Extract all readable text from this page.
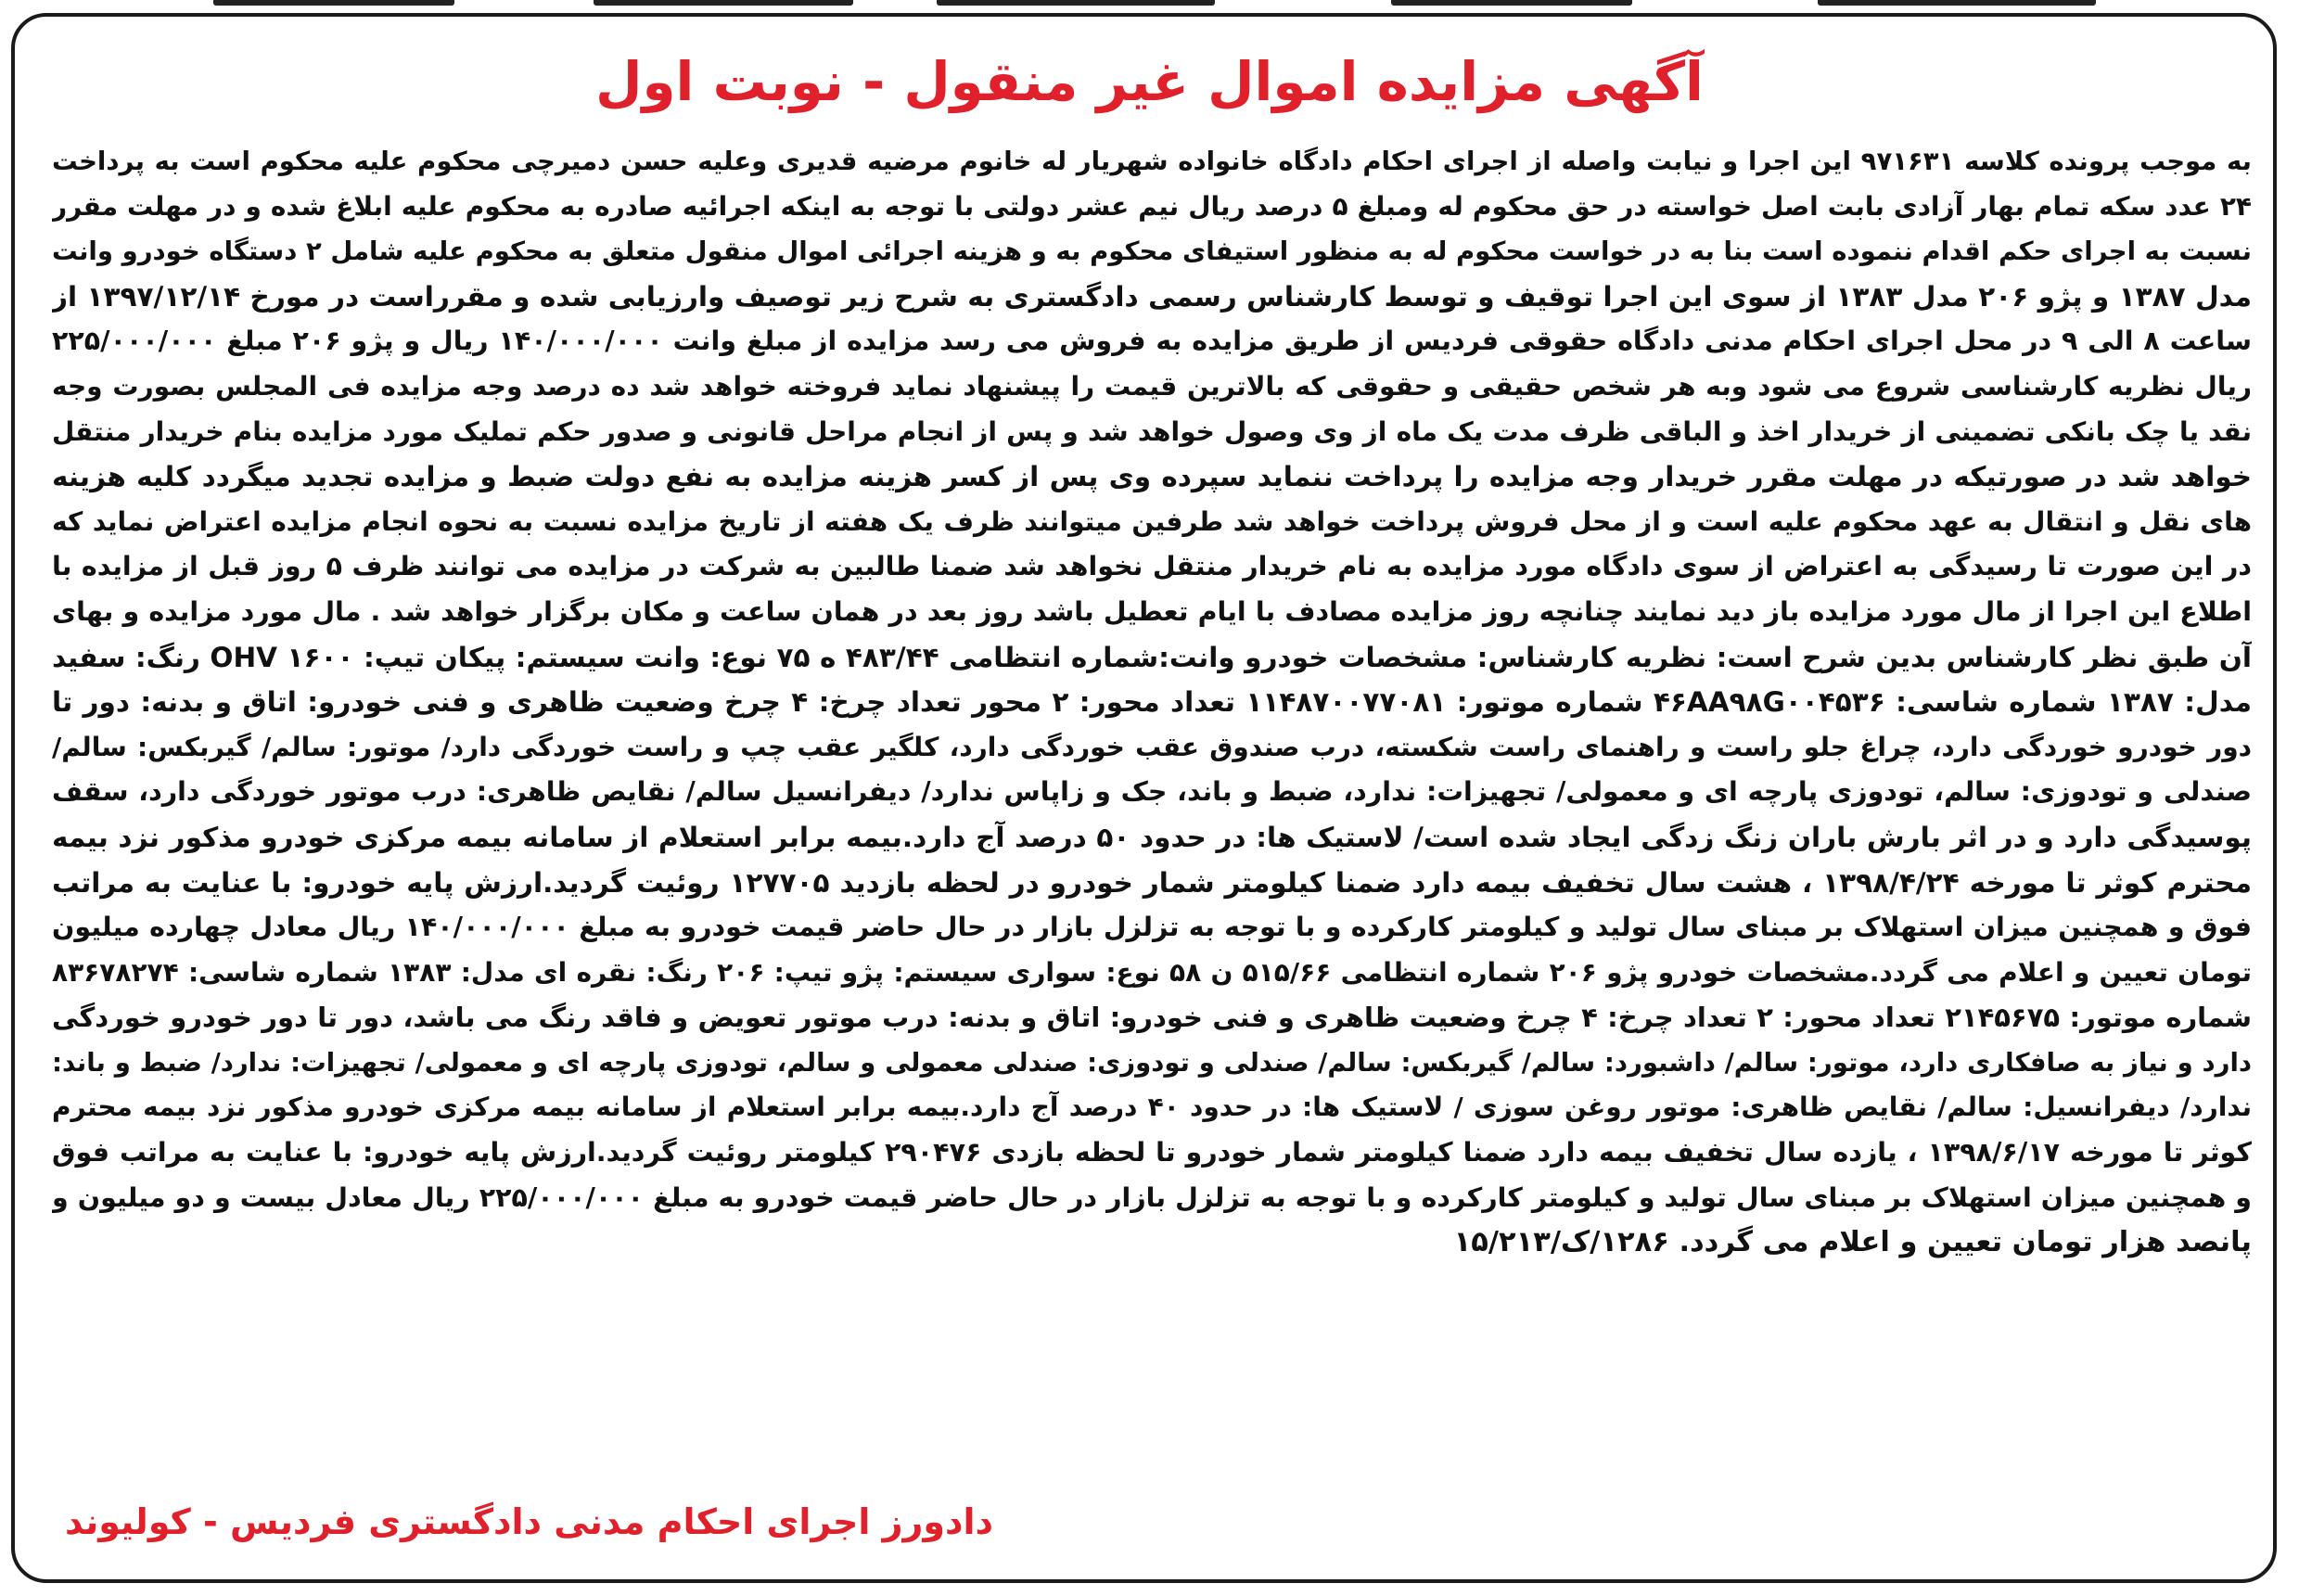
آگهی مزایده اموال غیر منقول - نوبت اول
به موجب پرونده کلاسه ۹۷۱۶۳۱ این اجرا و نیابت واصله از اجرای احکام دادگاه خانواده شهریار له خانوم مرضیه قدیری وعلیه حسن دمیرچی محکوم علیه محکوم است به پرداخت
۲۴ عدد سکه تمام بهار آزادی بابت اصل خواسته در حق محکوم له ومبلغ ۵ درصد ریال نیم عشر دولتی با توجه به اینکه اجرائیه صادره به محکوم علیه ابلاغ شده و در مهلت مقرر
نسبت به اجرای حکم اقدام ننموده است بنا به در خواست محکوم له به منظور استیفای محکوم به و هزینه اجرائی اموال منقول متعلق به محکوم علیه شامل ۲ دستگاه خودرو وانت
مدل ۱۳۸۷ و پژو ۲۰۶ مدل ۱۳۸۳ از سوی این اجرا توقیف و توسط کارشناس رسمی دادگستری به شرح زیر توصیف وارزیابی شده و مقرراست در مورخ ۱۳۹۷/۱۲/۱۴ از
ساعت ۸ الی ۹ در محل اجرای احکام مدنی دادگاه حقوقی فردیس از طریق مزایده به فروش می رسد مزایده از مبلغ وانت ۱۴۰/۰۰۰/۰۰۰ ریال و پژو ۲۰۶ مبلغ ۲۲۵/۰۰۰/۰۰۰
ریال نظریه کارشناسی شروع می شود وبه هر شخص حقیقی و حقوقی که بالاترین قیمت را پیشنهاد نماید فروخته خواهد شد ده درصد وجه مزایده فی المجلس بصورت وجه
نقد یا چک بانکی تضمینی از خریدار اخذ و الباقی ظرف مدت یک ماه از وی وصول خواهد شد و پس از انجام مراحل قانونی و صدور حکم تملیک مورد مزایده بنام خریدار منتقل
خواهد شد در صورتیکه در مهلت مقرر خریدار وجه مزایده را پرداخت ننماید سپرده وی پس از کسر هزینه مزایده به نفع دولت ضبط و مزایده تجدید میگردد کلیه هزینه
های نقل و انتقال به عهد محکوم علیه است و از محل فروش پرداخت خواهد شد طرفین میتوانند ظرف یک هفته از تاریخ مزایده نسبت به نحوه انجام مزایده اعتراض نماید که
در این صورت تا رسیدگی به اعتراض از سوی دادگاه مورد مزایده به نام خریدار منتقل نخواهد شد ضمنا طالبین به شرکت در مزایده می توانند ظرف ۵ روز قبل از مزایده با
اطلاع این اجرا از مال مورد مزایده باز دید نمایند چنانچه روز مزایده مصادف با ایام تعطیل باشد روز بعد در همان ساعت و مکان برگزار خواهد شد . مال مورد مزایده و بهای
آن طبق نظر کارشناس بدین شرح است: نظریه کارشناس: مشخصات خودرو وانت:شماره انتظامی ۴۸۳/۴۴ ه ۷۵ نوع: وانت سیستم: پیکان تیپ: OHV ۱۶۰۰ رنگ: سفید
مدل: ۱۳۸۷ شماره شاسی: ۴۶AA۹۸G۰۰۴۵۳۶ شماره موتور: ۱۱۴۸۷۰۰۷۷۰۸۱ تعداد محور: ۲ محور تعداد چرخ: ۴ چرخ وضعیت ظاهری و فنی خودرو: اتاق و بدنه: دور تا
دور خودرو خوردگی دارد، چراغ جلو راست و راهنمای راست شکسته، درب صندوق عقب خوردگی دارد، کلگیر عقب چپ و راست خوردگی دارد/ موتور: سالم/ گیربکس: سالم/
صندلی و تودوزی: سالم، تودوزی پارچه ای و معمولی/ تجهیزات: ندارد، ضبط و باند، جک و زاپاس ندارد/ دیفرانسیل سالم/ نقایص ظاهری: درب موتور خوردگی دارد، سقف
پوسیدگی دارد و در اثر بارش باران زنگ زدگی ایجاد شده است/ لاستیک ها: در حدود ۵۰ درصد آج دارد.بیمه برابر استعلام از سامانه بیمه مرکزی خودرو مذکور نزد بیمه
محترم کوثر تا مورخه ۱۳۹۸/۴/۲۴ ، هشت سال تخفیف بیمه دارد ضمنا کیلومتر شمار خودرو در لحظه بازدید ۱۲۷۷۰۵ روئیت گردید.ارزش پایه خودرو: با عنایت به مراتب
فوق و همچنین میزان استهلاک بر مبنای سال تولید و کیلومتر کارکرده و با توجه به تزلزل بازار در حال حاضر قیمت خودرو به مبلغ ۱۴۰/۰۰۰/۰۰۰ ریال معادل چهارده میلیون
تومان تعیین و اعلام می گردد.مشخصات خودرو پژو ۲۰۶ شماره انتظامی ۵۱۵/۶۶ ن ۵۸ نوع: سواری سیستم: پژو تیپ: ۲۰۶ رنگ: نقره ای مدل: ۱۳۸۳ شماره شاسی: ۸۳۶۷۸۲۷۴
شماره موتور: ۲۱۴۵۶۷۵ تعداد محور: ۲ تعداد چرخ: ۴ چرخ وضعیت ظاهری و فنی خودرو: اتاق و بدنه: درب موتور تعویض و فاقد رنگ می باشد، دور تا دور خودرو خوردگی
دارد و نیاز به صافکاری دارد، موتور: سالم/ داشبورد: سالم/ گیربکس: سالم/ صندلی و تودوزی: صندلی معمولی و سالم، تودوزی پارچه ای و معمولی/ تجهیزات: ندارد/ ضبط و باند:
ندارد/ دیفرانسیل: سالم/ نقایص ظاهری: موتور روغن سوزی / لاستیک ها: در حدود ۴۰ درصد آج دارد.بیمه برابر استعلام از سامانه بیمه مرکزی خودرو مذکور نزد بیمه محترم
کوثر تا مورخه ۱۳۹۸/۶/۱۷ ، یازده سال تخفیف بیمه دارد ضمنا کیلومتر شمار خودرو تا لحظه بازدی ۲۹۰۴۷۶ کیلومتر روئیت گردید.ارزش پایه خودرو: با عنایت به مراتب فوق
و همچنین میزان استهلاک بر مبنای سال تولید و کیلومتر کارکرده و با توجه به تزلزل بازار در حال حاضر قیمت خودرو به مبلغ ۲۲۵/۰۰۰/۰۰۰ ریال معادل بیست و دو میلیون و
پانصد هزار تومان تعیین و اعلام می گردد. ۱۲۸۶/ک/۱۵/۲۱۳
دادورز اجرای احکام مدنی دادگستری فردیس - کولیوند
